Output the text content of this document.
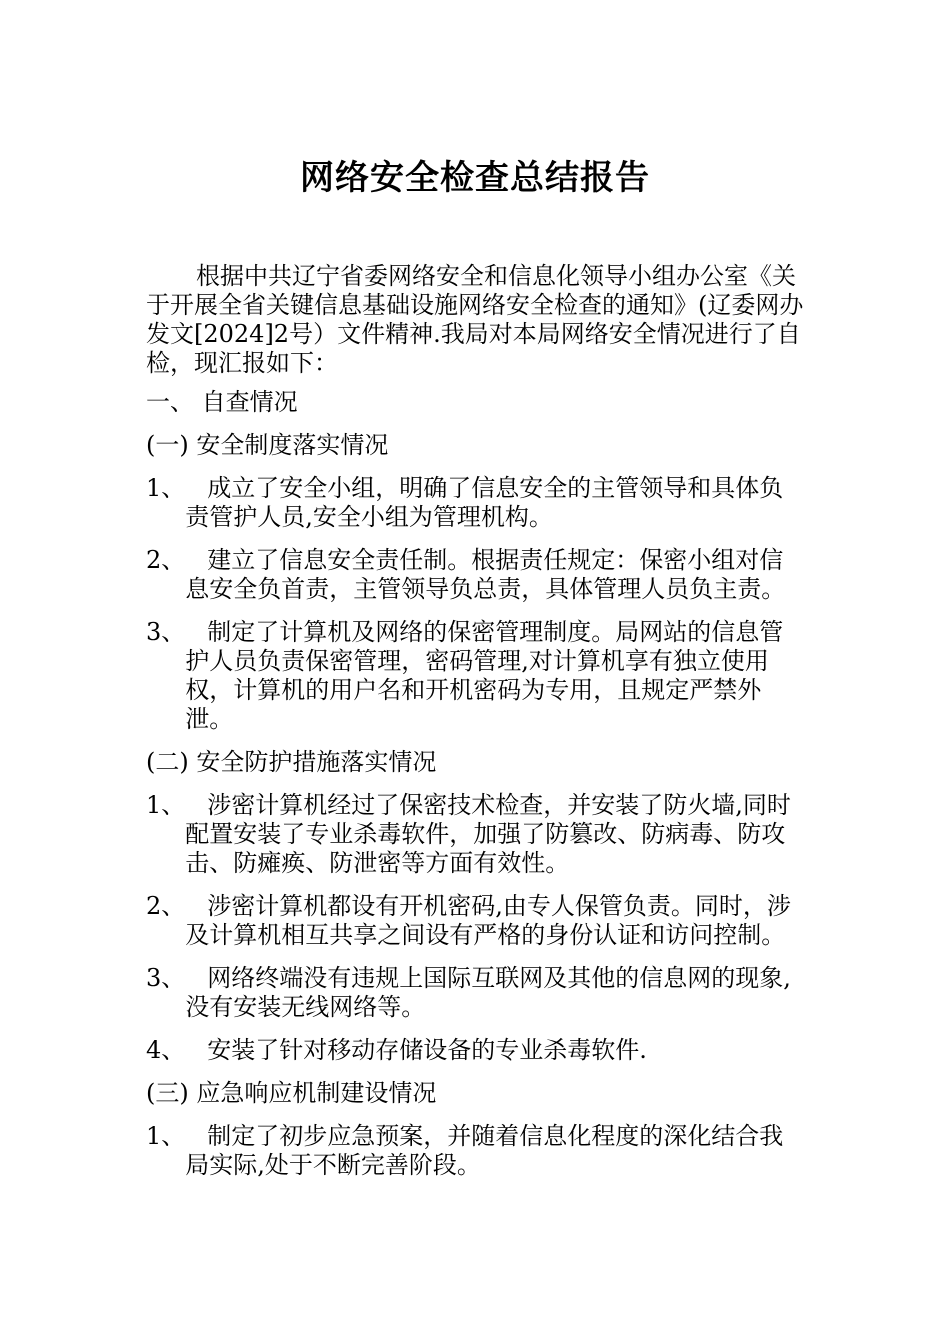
网络安全检查总结报告

根据中共辽宁省委网络安全和信息化领导小组办公室《关于开展全省关键信息基础设施网络安全检查的通知》(辽委网办发文[2024]2号）文件精神.我局对本局网络安全情况进行了自检，现汇报如下：

一、 自查情况
(一) 安全制度落实情况
1、 成立了安全小组，明确了信息安全的主管领导和具体负责管护人员,安全小组为管理机构。
2、 建立了信息安全责任制。根据责任规定：保密小组对信息安全负首责，主管领导负总责，具体管理人员负主责。
3、 制定了计算机及网络的保密管理制度。局网站的信息管护人员负责保密管理，密码管理,对计算机享有独立使用权，计算机的用户名和开机密码为专用，且规定严禁外泄。
(二) 安全防护措施落实情况
1、 涉密计算机经过了保密技术检查，并安装了防火墙,同时配置安装了专业杀毒软件，加强了防篡改、防病毒、防攻击、防瘫痪、防泄密等方面有效性。
2、 涉密计算机都设有开机密码,由专人保管负责。同时，涉及计算机相互共享之间设有严格的身份认证和访问控制。
3、 网络终端没有违规上国际互联网及其他的信息网的现象,没有安装无线网络等。
4、 安装了针对移动存储设备的专业杀毒软件.
(三) 应急响应机制建设情况
1、 制定了初步应急预案，并随着信息化程度的深化结合我局实际,处于不断完善阶段。
